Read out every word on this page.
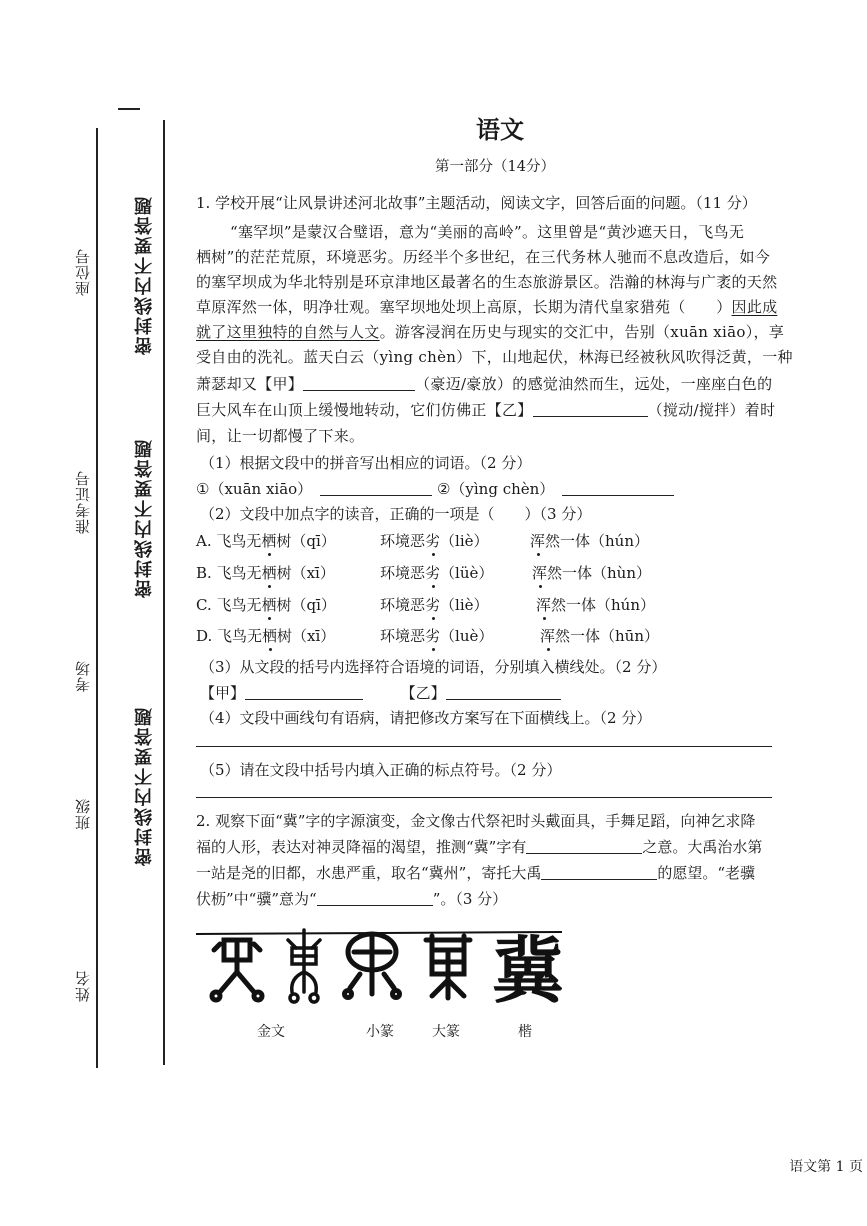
座位号
准考证号
考场
班级
姓名
密封线内不要答题
密封线内不要答题
密封线内不要答题
语文
第一部分（14分）
1. 学校开展“让风景讲述河北故事”主题活动，阅读文字，回答后面的问题。（11 分）
“塞罕坝”是蒙汉合璧语，意为“美丽的高岭”。这里曾是“黄沙遮天日，飞鸟无
栖树”的茫茫荒原，环境恶劣。历经半个多世纪，在三代务林人驰而不息改造后，如今
的塞罕坝成为华北特别是环京津地区最著名的生态旅游景区。浩瀚的林海与广袤的天然
草原浑然一体，明净壮观。塞罕坝地处坝上高原，长期为清代皇家猎苑（　　）因此成
就了这里独特的自然与人文。游客浸润在历史与现实的交汇中，告别（xuān xiāo），享
受自由的洗礼。蓝天白云（yìng chèn）下，山地起伏，林海已经被秋风吹得泛黄，一种
萧瑟却又【甲】	（豪迈/豪放）的感觉油然而生，远处，一座座白色的
巨大风车在山顶上缓慢地转动，它们仿佛正【乙】	（搅动/搅拌）着时
间，让一切都慢了下来。
（1）根据文段中的拼音写出相应的词语。（2 分）
①（xuān xiāo）	②（yìng chèn）
（2）文段中加点字的读音，正确的一项是（　　）（3 分）
A. 飞鸟无栖树（qī）	环境恶劣（liè）	浑然一体（hún）
B. 飞鸟无栖树（xī）	环境恶劣（lüè）	浑然一体（hùn）
C. 飞鸟无栖树（qī）	环境恶劣（liè）	浑然一体（hún）
D. 飞鸟无栖树（xī）	环境恶劣（luè）	浑然一体（hūn）
（3）从文段的括号内选择符合语境的词语，分别填入横线处。（2 分）
【甲】	【乙】
（4）文段中画线句有语病，请把修改方案写在下面横线上。（2 分）
（5）请在文段中括号内填入正确的标点符号。（2 分）
2. 观察下面“冀”字的字源演变，金文像古代祭祀时头戴面具，手舞足蹈，向神乞求降
福的人形，表达对神灵降福的渴望，推测“冀”字有	之意。大禹治水第
一站是尧的旧都，水患严重，取名“冀州”，寄托大禹	的愿望。“老骥
伏枥”中“骥”意为“	”。（3 分）
冀
金文	小篆	大篆	楷
语文第 1 页
